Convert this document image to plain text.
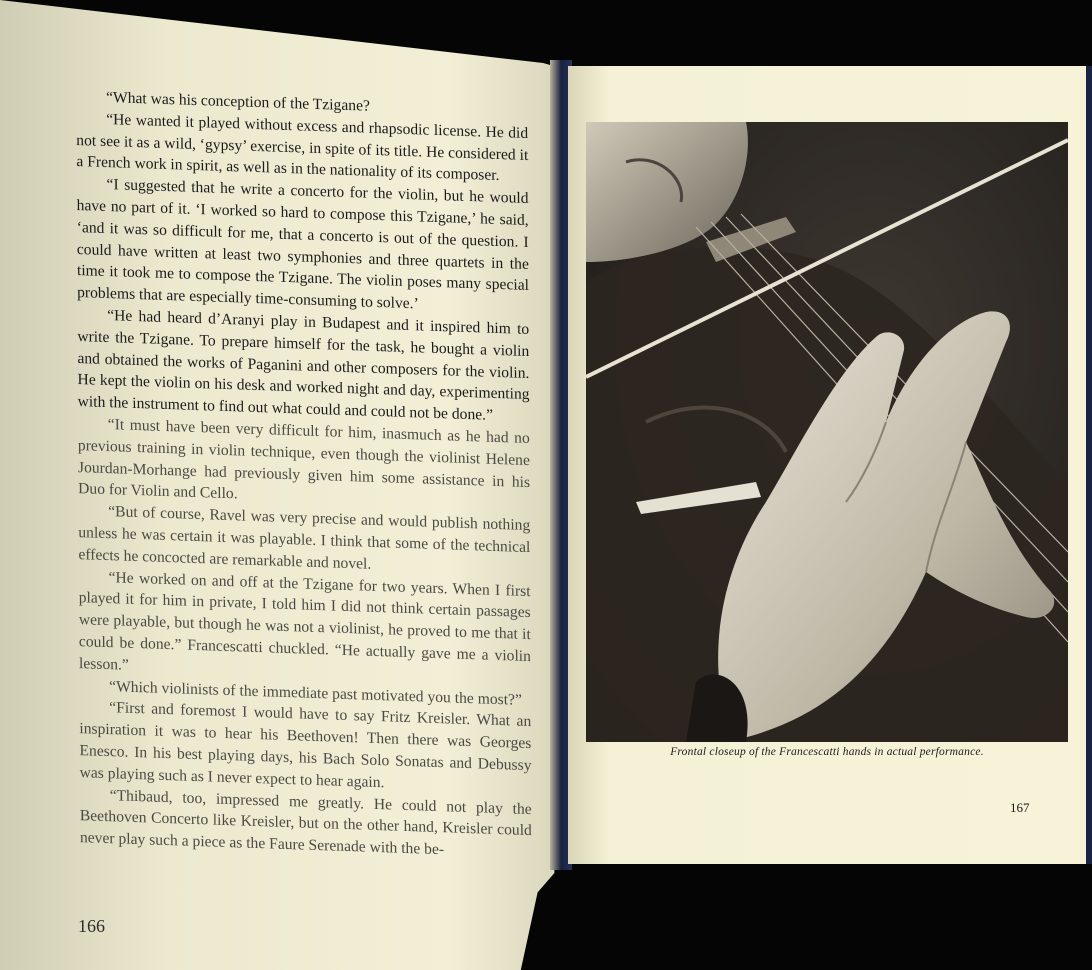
“What was his conception of the Tzigane?

“He wanted it played without excess and rhapsodic license. He did not see it as a wild, ‘gypsy’ exercise, in spite of its title. He considered it a French work in spirit, as well as in the nationality of its composer.

“I suggested that he write a concerto for the violin, but he would have no part of it. ‘I worked so hard to compose this Tzigane,’ he said, ‘and it was so difficult for me, that a concerto is out of the question. I could have written at least two symphonies and three quartets in the time it took me to compose the Tzigane. The violin poses many special problems that are especially time-consuming to solve.’

“He had heard d’Aranyi play in Budapest and it inspired him to write the Tzigane. To prepare himself for the task, he bought a violin and obtained the works of Paganini and other composers for the violin. He kept the violin on his desk and worked night and day, experimenting with the instrument to find out what could and could not be done.”

“It must have been very difficult for him, inasmuch as he had no previous training in violin technique, even though the violinist Helene Jourdan-Morhange had previously given him some assistance in his Duo for Violin and Cello.

“But of course, Ravel was very precise and would publish nothing unless he was certain it was playable. I think that some of the technical effects he concocted are remarkable and novel.

“He worked on and off at the Tzigane for two years. When I first played it for him in private, I told him I did not think certain passages were playable, but though he was not a violinist, he proved to me that it could be done.” Francescatti chuckled. “He actually gave me a violin lesson.”

“Which violinists of the immediate past motivated you the most?”

“First and foremost I would have to say Fritz Kreisler. What an inspiration it was to hear his Beethoven! Then there was Georges Enesco. In his best playing days, his Bach Solo Sonatas and Debussy was playing such as I never expect to hear again.

“Thibaud, too, impressed me greatly. He could not play the Beethoven Concerto like Kreisler, but on the other hand, Kreisler could never play such a piece as the Faure Serenade with the be-

166
Frontal closeup of the Francescatti hands in actual performance.
167
